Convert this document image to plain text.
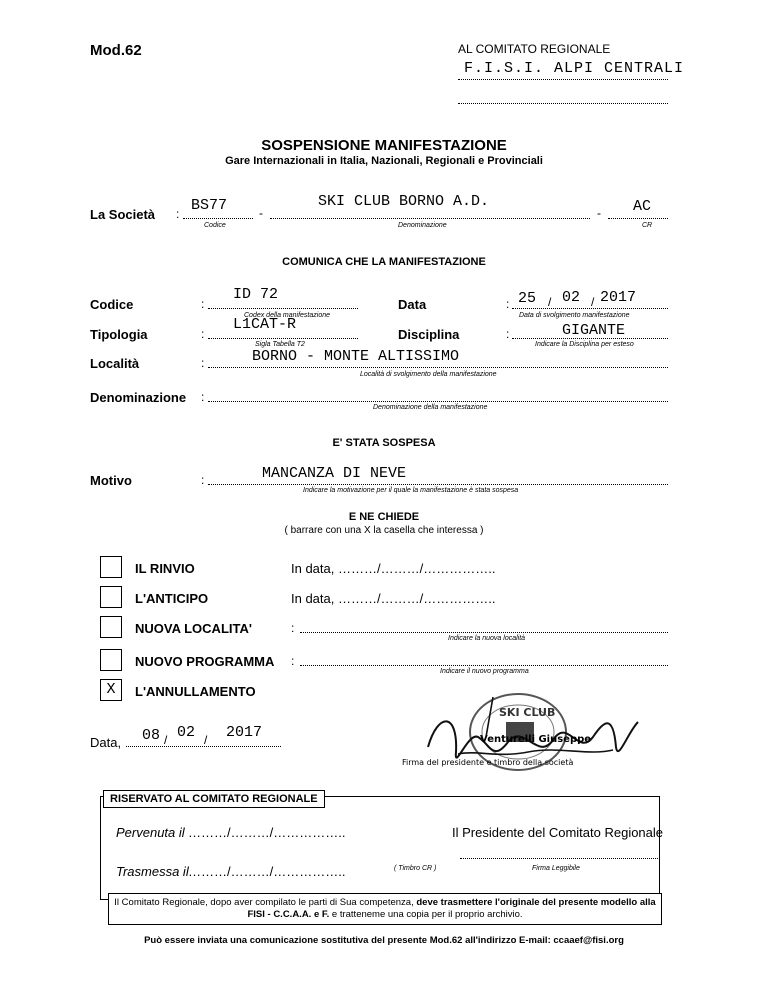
Mod.62	AL COMITATO REGIONALE
F.I.S.I. ALPI CENTRALI
SOSPENSIONE MANIFESTAZIONE
Gare Internazionali in Italia, Nazionali, Regionali e Provinciali
La Società : BS77	-
SKI CLUB BORNO A.D.
- AC
Codice	Denominazione	CR
COMUNICA CHE LA MANIFESTAZIONE
Codice	:
ID 72
Codex della manifestazione
Data	: 25 / 02 / 2017
Data di svolgimento manifestazione
Tipologia	:
L1CAT-R
Sigla Tabella T2
Disciplina	:	GIGANTE
Indicare la Disciplina per esteso
Località	:	BORNO - MONTE ALTISSIMO
Località di svolgimento della manifestazione
Denominazione :
Denominazione della manifestazione
E' STATA SOSPESA
Motivo	:	MANCANZA DI NEVE
Indicare la motivazione per il quale la manifestazione è stata sospesa
E NE CHIEDE
( barrare con una X la casella che interessa )
IL RINVIO	In data, ………/………/……………..
L'ANTICIPO	In data, ………/………/……………..
NUOVA LOCALITA'	:
Indicare la nuova località
NUOVO PROGRAMMA :
Indicare il nuovo programma
X	L'ANNULLAMENTO
Data, 08 / 02 / 2017
SKI CLUB
Venturelli Giuseppe
Firma del presidente e timbro della società
RISERVATO AL COMITATO REGIONALE
Pervenuta il ………/………/……………..	Il Presidente del Comitato Regionale
Trasmessa il ………/………/……………..	( Timbro CR )	Firma Leggibile
Il Comitato Regionale, dopo aver compilato le parti di Sua competenza, deve trasmettere l'originale del presente modello alla FISI - C.C.A.A. e F. e tratteneme una copia per il proprio archivio.
Può essere inviata una comunicazione sostitutiva del presente Mod.62 all'indirizzo E-mail: ccaaef@fisi.org
